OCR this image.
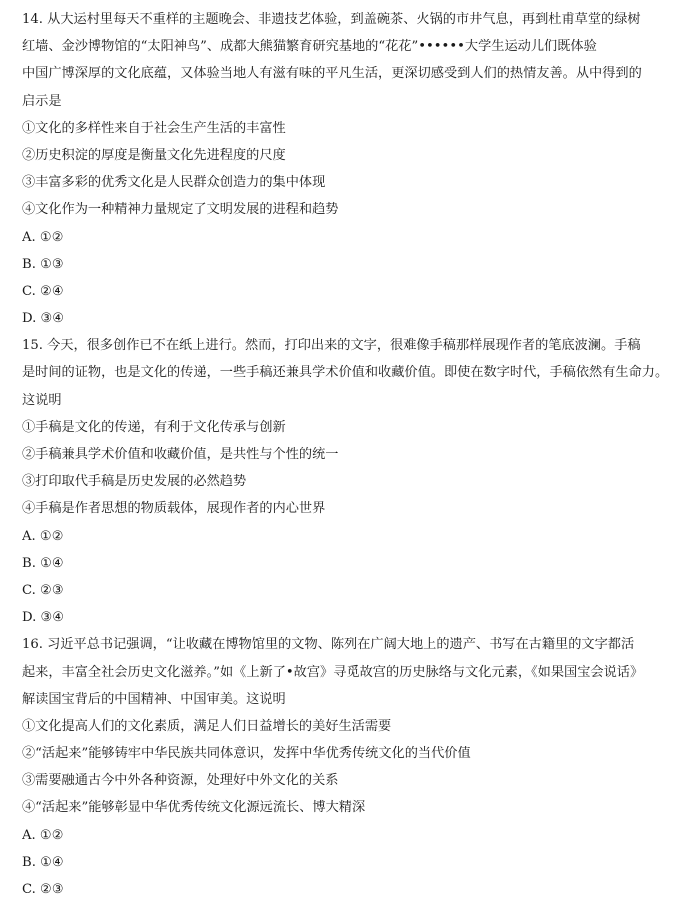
14. 从大运村里每天不重样的主题晚会、非遗技艺体验，到盖碗茶、火锅的市井气息，再到杜甫草堂的绿树
红墙、金沙博物馆的“太阳神鸟”、成都大熊猫繁育研究基地的“花花”••••••大学生运动儿们既体验
中国广博深厚的文化底蕴，又体验当地人有滋有味的平凡生活，更深切感受到人们的热情友善。从中得到的
启示是
①文化的多样性来自于社会生产生活的丰富性
②历史积淀的厚度是衡量文化先进程度的尺度
③丰富多彩的优秀文化是人民群众创造力的集中体现
④文化作为一种精神力量规定了文明发展的进程和趋势
A. ①②
B. ①③
C. ②④
D. ③④
15. 今天，很多创作已不在纸上进行。然而，打印出来的文字，很难像手稿那样展现作者的笔底波澜。手稿
是时间的证物，也是文化的传递，一些手稿还兼具学术价值和收藏价值。即使在数字时代，手稿依然有生命力。
这说明
①手稿是文化的传递，有利于文化传承与创新
②手稿兼具学术价值和收藏价值，是共性与个性的统一
③打印取代手稿是历史发展的必然趋势
④手稿是作者思想的物质载体，展现作者的内心世界
A. ①②
B. ①④
C. ②③
D. ③④
16. 习近平总书记强调，“让收藏在博物馆里的文物、陈列在广阔大地上的遗产、书写在古籍里的文字都活
起来，丰富全社会历史文化滋养。”如《上新了•故宫》寻觅故宫的历史脉络与文化元素，《如果国宝会说话》
解读国宝背后的中国精神、中国审美。这说明
①文化提高人们的文化素质，满足人们日益增长的美好生活需要
②“活起来”能够铸牢中华民族共同体意识，发挥中华优秀传统文化的当代价值
③需要融通古今中外各种资源，处理好中外文化的关系
④“活起来”能够彰显中华优秀传统文化源远流长、博大精深
A. ①②
B. ①④
C. ②③
